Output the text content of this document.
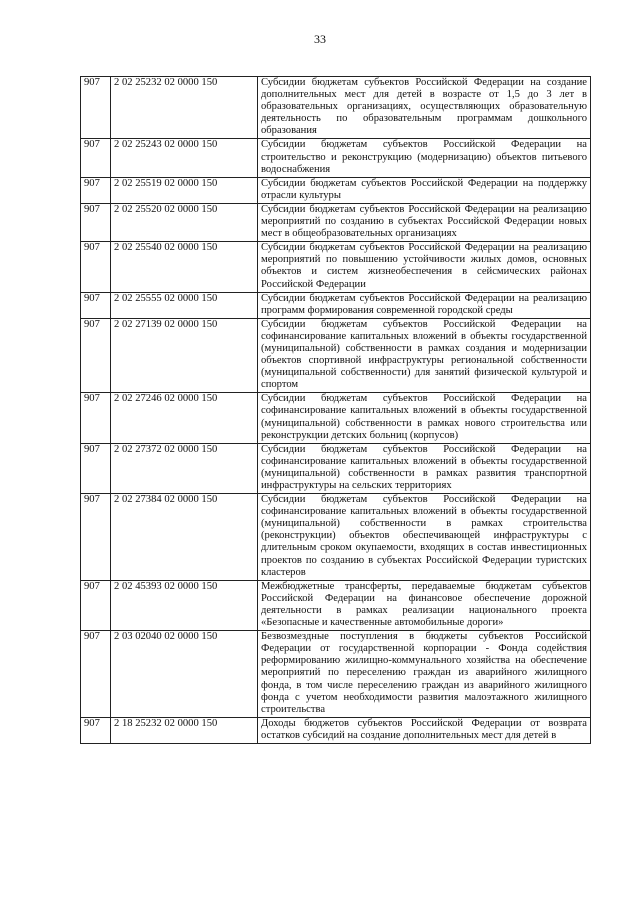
33
907	2 02 25232 02 0000 150	Субсидии бюджетам субъектов Российской Федерации на создание дополнительных мест для детей в возрасте от 1,5 до 3 лет в образовательных организациях, осуществляющих образовательную деятельность по образовательным программам дошкольного образования
907	2 02 25243 02 0000 150	Субсидии бюджетам субъектов Российской Федерации на строительство и реконструкцию (модернизацию) объектов питьевого водоснабжения
907	2 02 25519 02 0000 150	Субсидии бюджетам субъектов Российской Федерации на поддержку отрасли культуры
907	2 02 25520 02 0000 150	Субсидии бюджетам субъектов Российской Федерации на реализацию мероприятий по созданию в субъектах Российской Федерации новых мест в общеобразовательных организациях
907	2 02 25540 02 0000 150	Субсидии бюджетам субъектов Российской Федерации на реализацию мероприятий по повышению устойчивости жилых домов, основных объектов и систем жизнеобеспечения в сейсмических районах Российской Федерации
907	2 02 25555 02 0000 150	Субсидии бюджетам субъектов Российской Федерации на реализацию программ формирования современной городской среды
907	2 02 27139 02 0000 150	Субсидии бюджетам субъектов Российской Федерации на софинансирование капитальных вложений в объекты государственной (муниципальной) собственности в рамках создания и модернизации объектов спортивной инфраструктуры региональной собственности (муниципальной собственности) для занятий физической культурой и спортом
907	2 02 27246 02 0000 150	Субсидии бюджетам субъектов Российской Федерации на софинансирование капитальных вложений в объекты государственной (муниципальной) собственности в рамках нового строительства или реконструкции детских больниц (корпусов)
907	2 02 27372 02 0000 150	Субсидии бюджетам субъектов Российской Федерации на софинансирование капитальных вложений в объекты государственной (муниципальной) собственности в рамках развития транспортной инфраструктуры на сельских территориях
907	2 02 27384 02 0000 150	Субсидии бюджетам субъектов Российской Федерации на софинансирование капитальных вложений в объекты государственной (муниципальной) собственности в рамках строительства (реконструкции) объектов обеспечивающей инфраструктуры с длительным сроком окупаемости, входящих в состав инвестиционных проектов по созданию в субъектах Российской Федерации туристских кластеров
907	2 02 45393 02 0000 150	Межбюджетные трансферты, передаваемые бюджетам субъектов Российской Федерации на финансовое обеспечение дорожной деятельности в рамках реализации национального проекта «Безопасные и качественные автомобильные дороги»
907	2 03 02040 02 0000 150	Безвозмездные поступления в бюджеты субъектов Российской Федерации от государственной корпорации - Фонда содействия реформированию жилищно-коммунального хозяйства на обеспечение мероприятий по переселению граждан из аварийного жилищного фонда, в том числе переселению граждан из аварийного жилищного фонда с учетом необходимости развития малоэтажного жилищного строительства
907	2 18 25232 02 0000 150	Доходы бюджетов субъектов Российской Федерации от возврата остатков субсидий на создание дополнительных мест для детей в
